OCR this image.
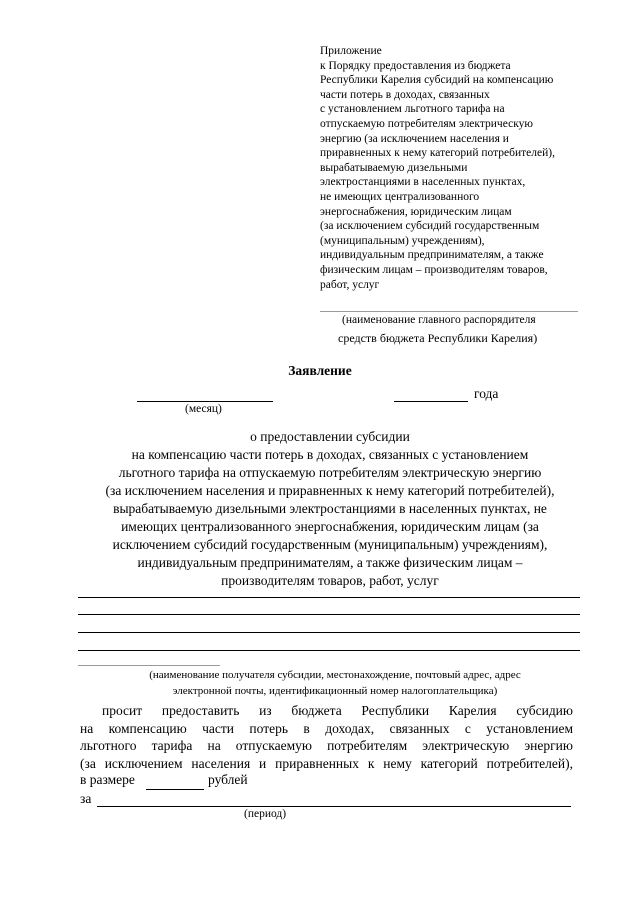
Приложение
к Порядку предоставления из бюджета
Республики Карелия субсидий на компенсацию
части потерь в доходах, связанных
с установлением льготного тарифа на
отпускаемую потребителям электрическую
энергию (за исключением населения и
приравненных к нему категорий потребителей),
вырабатываемую дизельными
электростанциями в населенных пунктах,
не имеющих централизованного
энергоснабжения, юридическим лицам
(за исключением субсидий государственным
(муниципальным) учреждениям),
индивидуальным предпринимателям, а также
физическим лицам – производителям товаров,
работ, услуг
(наименование главного распорядителя
средств бюджета Республики Карелия)
Заявление
(месяц)
года
о предоставлении субсидии
на компенсацию части потерь в доходах, связанных с установлением
льготного тарифа на отпускаемую потребителям электрическую энергию
(за исключением населения и приравненных к нему категорий потребителей),
вырабатываемую дизельными электростанциями в населенных пунктах, не
имеющих централизованного энергоснабжения, юридическим лицам (за
исключением субсидий государственным (муниципальным) учреждениям),
индивидуальным предпринимателям, а также физическим лицам –
производителям товаров, работ, услуг
(наименование получателя субсидии, местонахождение, почтовый адрес, адрес
электронной почты, идентификационный номер налогоплательщика)
просит предоставить из бюджета Республики Карелия субсидию
на компенсацию части потерь в доходах, связанных с установлением
льготного тарифа на отпускаемую потребителям электрическую энергию
(за исключением населения и приравненных к нему категорий потребителей),
в размере	рублей
за
(период)
